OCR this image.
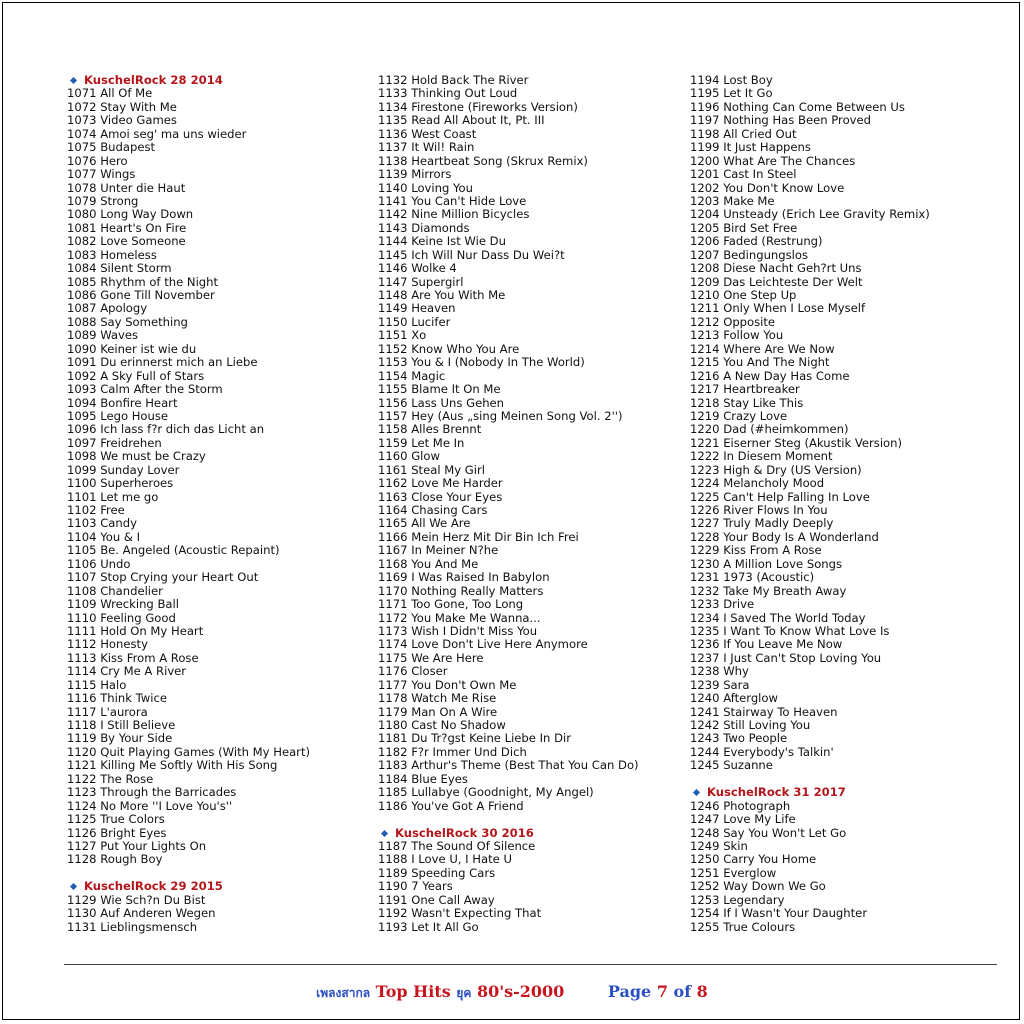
KuschelRock 28 2014
1071 All Of Me
1072 Stay With Me
1073 Video Games
1074 Amoi seg' ma uns wieder
1075 Budapest
1076 Hero
1077 Wings
1078 Unter die Haut
1079 Strong
1080 Long Way Down
1081 Heart's On Fire
1082 Love Someone
1083 Homeless
1084 Silent Storm
1085 Rhythm of the Night
1086 Gone Till November
1087 Apology
1088 Say Something
1089 Waves
1090 Keiner ist wie du
1091 Du erinnerst mich an Liebe
1092 A Sky Full of Stars
1093 Calm After the Storm
1094 Bonfire Heart
1095 Lego House
1096 Ich lass f?r dich das Licht an
1097 Freidrehen
1098 We must be Crazy
1099 Sunday Lover
1100 Superheroes
1101 Let me go
1102 Free
1103 Candy
1104 You & I
1105 Be. Angeled (Acoustic Repaint)
1106 Undo
1107 Stop Crying your Heart Out
1108 Chandelier
1109 Wrecking Ball
1110 Feeling Good
1111 Hold On My Heart
1112 Honesty
1113 Kiss From A Rose
1114 Cry Me A River
1115 Halo
1116 Think Twice
1117 L'aurora
1118 I Still Believe
1119 By Your Side
1120 Quit Playing Games (With My Heart)
1121 Killing Me Softly With His Song
1122 The Rose
1123 Through the Barricades
1124 No More ''I Love You's''
1125 True Colors
1126 Bright Eyes
1127 Put Your Lights On
1128 Rough Boy
KuschelRock 29 2015
1129 Wie Sch?n Du Bist
1130 Auf Anderen Wegen
1131 Lieblingsmensch
1132 Hold Back The River
1133 Thinking Out Loud
1134 Firestone (Fireworks Version)
1135 Read All About It, Pt. III
1136 West Coast
1137 It Wil! Rain
1138 Heartbeat Song (Skrux Remix)
1139 Mirrors
1140 Loving You
1141 You Can't Hide Love
1142 Nine Million Bicycles
1143 Diamonds
1144 Keine Ist Wie Du
1145 Ich Will Nur Dass Du Wei?t
1146 Wolke 4
1147 Supergirl
1148 Are You With Me
1149 Heaven
1150 Lucifer
1151 Xo
1152 Know Who You Are
1153 You & I (Nobody In The World)
1154 Magic
1155 Blame It On Me
1156 Lass Uns Gehen
1157 Hey (Aus „sing Meinen Song Vol. 2'')
1158 Alles Brennt
1159 Let Me In
1160 Glow
1161 Steal My Girl
1162 Love Me Harder
1163 Close Your Eyes
1164 Chasing Cars
1165 All We Are
1166 Mein Herz Mit Dir Bin Ich Frei
1167 In Meiner N?he
1168 You And Me
1169 I Was Raised In Babylon
1170 Nothing Really Matters
1171 Too Gone, Too Long
1172 You Make Me Wanna...
1173 Wish I Didn't Miss You
1174 Love Don't Live Here Anymore
1175 We Are Here
1176 Closer
1177 You Don't Own Me
1178 Watch Me Rise
1179 Man On A Wire
1180 Cast No Shadow
1181 Du Tr?gst Keine Liebe In Dir
1182 F?r Immer Und Dich
1183 Arthur's Theme (Best That You Can Do)
1184 Blue Eyes
1185 Lullabye (Goodnight, My Angel)
1186 You've Got A Friend
KuschelRock 30 2016
1187 The Sound Of Silence
1188 I Love U, I Hate U
1189 Speeding Cars
1190 7 Years
1191 One Call Away
1192 Wasn't Expecting That
1193 Let It All Go
1194 Lost Boy
1195 Let It Go
1196 Nothing Can Come Between Us
1197 Nothing Has Been Proved
1198 All Cried Out
1199 It Just Happens
1200 What Are The Chances
1201 Cast In Steel
1202 You Don't Know Love
1203 Make Me
1204 Unsteady (Erich Lee Gravity Remix)
1205 Bird Set Free
1206 Faded (Restrung)
1207 Bedingungslos
1208 Diese Nacht Geh?rt Uns
1209 Das Leichteste Der Welt
1210 One Step Up
1211 Only When I Lose Myself
1212 Opposite
1213 Follow You
1214 Where Are We Now
1215 You And The Night
1216 A New Day Has Come
1217 Heartbreaker
1218 Stay Like This
1219 Crazy Love
1220 Dad (#heimkommen)
1221 Eiserner Steg (Akustik Version)
1222 In Diesem Moment
1223 High & Dry (US Version)
1224 Melancholy Mood
1225 Can't Help Falling In Love
1226 River Flows In You
1227 Truly Madly Deeply
1228 Your Body Is A Wonderland
1229 Kiss From A Rose
1230 A Million Love Songs
1231 1973 (Acoustic)
1232 Take My Breath Away
1233 Drive
1234 I Saved The World Today
1235 I Want To Know What Love Is
1236 If You Leave Me Now
1237 I Just Can't Stop Loving You
1238 Why
1239 Sara
1240 Afterglow
1241 Stairway To Heaven
1242 Still Loving You
1243 Two People
1244 Everybody's Talkin'
1245 Suzanne
KuschelRock 31 2017
1246 Photograph
1247 Love My Life
1248 Say You Won't Let Go
1249 Skin
1250 Carry You Home
1251 Everglow
1252 Way Down We Go
1253 Legendary
1254 If I Wasn't Your Daughter
1255 True Colours
เพลงสากล Top Hits ยุค 80's-2000	Page 7 of 8
